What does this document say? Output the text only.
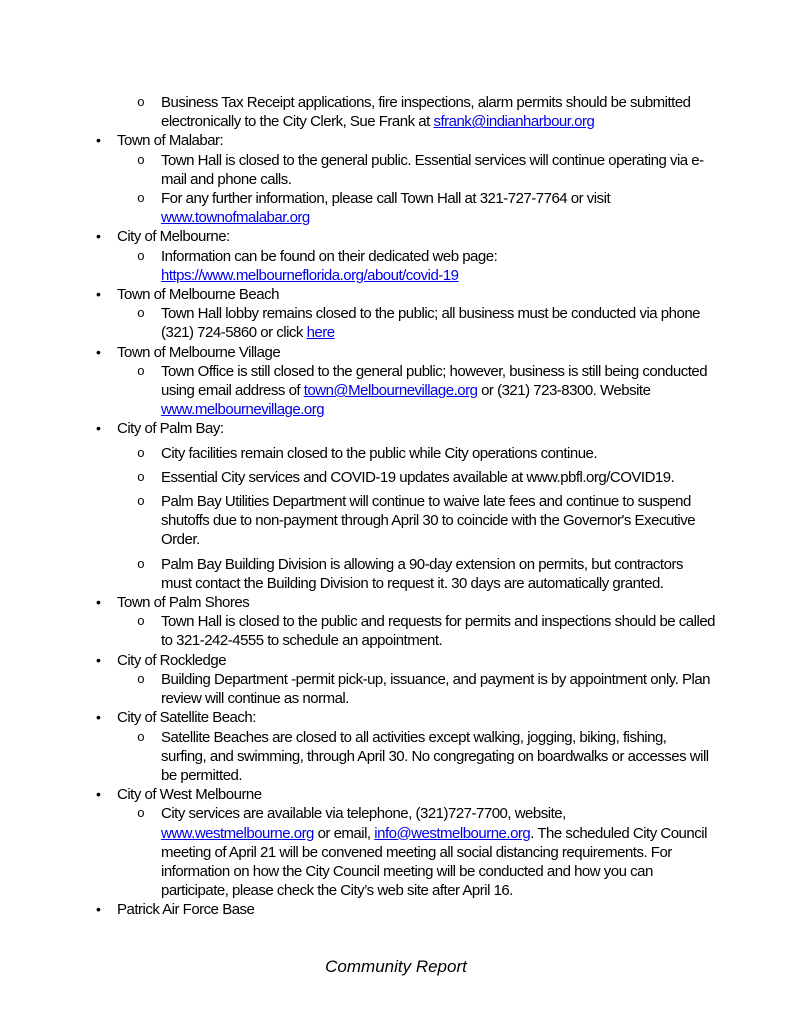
o	Business Tax Receipt applications, fire inspections, alarm permits should be submitted electronically to the City Clerk, Sue Frank at sfrank@indianharbour.org
•	Town of Malabar:
o	Town Hall is closed to the general public. Essential services will continue operating via e-mail and phone calls.
o	For any further information, please call Town Hall at 321-727-7764 or visit www.townofmalabar.org
•	City of Melbourne:
o	Information can be found on their dedicated web page: https://www.melbourneflorida.org/about/covid-19
•	Town of Melbourne Beach
o	Town Hall lobby remains closed to the public; all business must be conducted via phone (321) 724-5860 or click here
•	Town of Melbourne Village
o	Town Office is still closed to the general public; however, business is still being conducted using email address of town@Melbournevillage.org or (321) 723-8300. Website www.melbournevillage.org
•	City of Palm Bay:
o	City facilities remain closed to the public while City operations continue.
o	Essential City services and COVID-19 updates available at www.pbfl.org/COVID19.
o	Palm Bay Utilities Department will continue to waive late fees and continue to suspend shutoffs due to non-payment through April 30 to coincide with the Governor's Executive Order.
o	Palm Bay Building Division is allowing a 90-day extension on permits, but contractors must contact the Building Division to request it. 30 days are automatically granted.
•	Town of Palm Shores
o	Town Hall is closed to the public and requests for permits and inspections should be called to 321-242-4555 to schedule an appointment.
•	City of Rockledge
o	Building Department -permit pick-up, issuance, and payment is by appointment only. Plan review will continue as normal.
•	City of Satellite Beach:
o	Satellite Beaches are closed to all activities except walking, jogging, biking, fishing, surfing, and swimming, through April 30. No congregating on boardwalks or accesses will be permitted.
•	City of West Melbourne
o	City services are available via telephone, (321)727-7700, website, www.westmelbourne.org or email, info@westmelbourne.org. The scheduled City Council meeting of April 21 will be convened meeting all social distancing requirements. For information on how the City Council meeting will be conducted and how you can participate, please check the City’s web site after April 16.
•	Patrick Air Force Base
Community Report
